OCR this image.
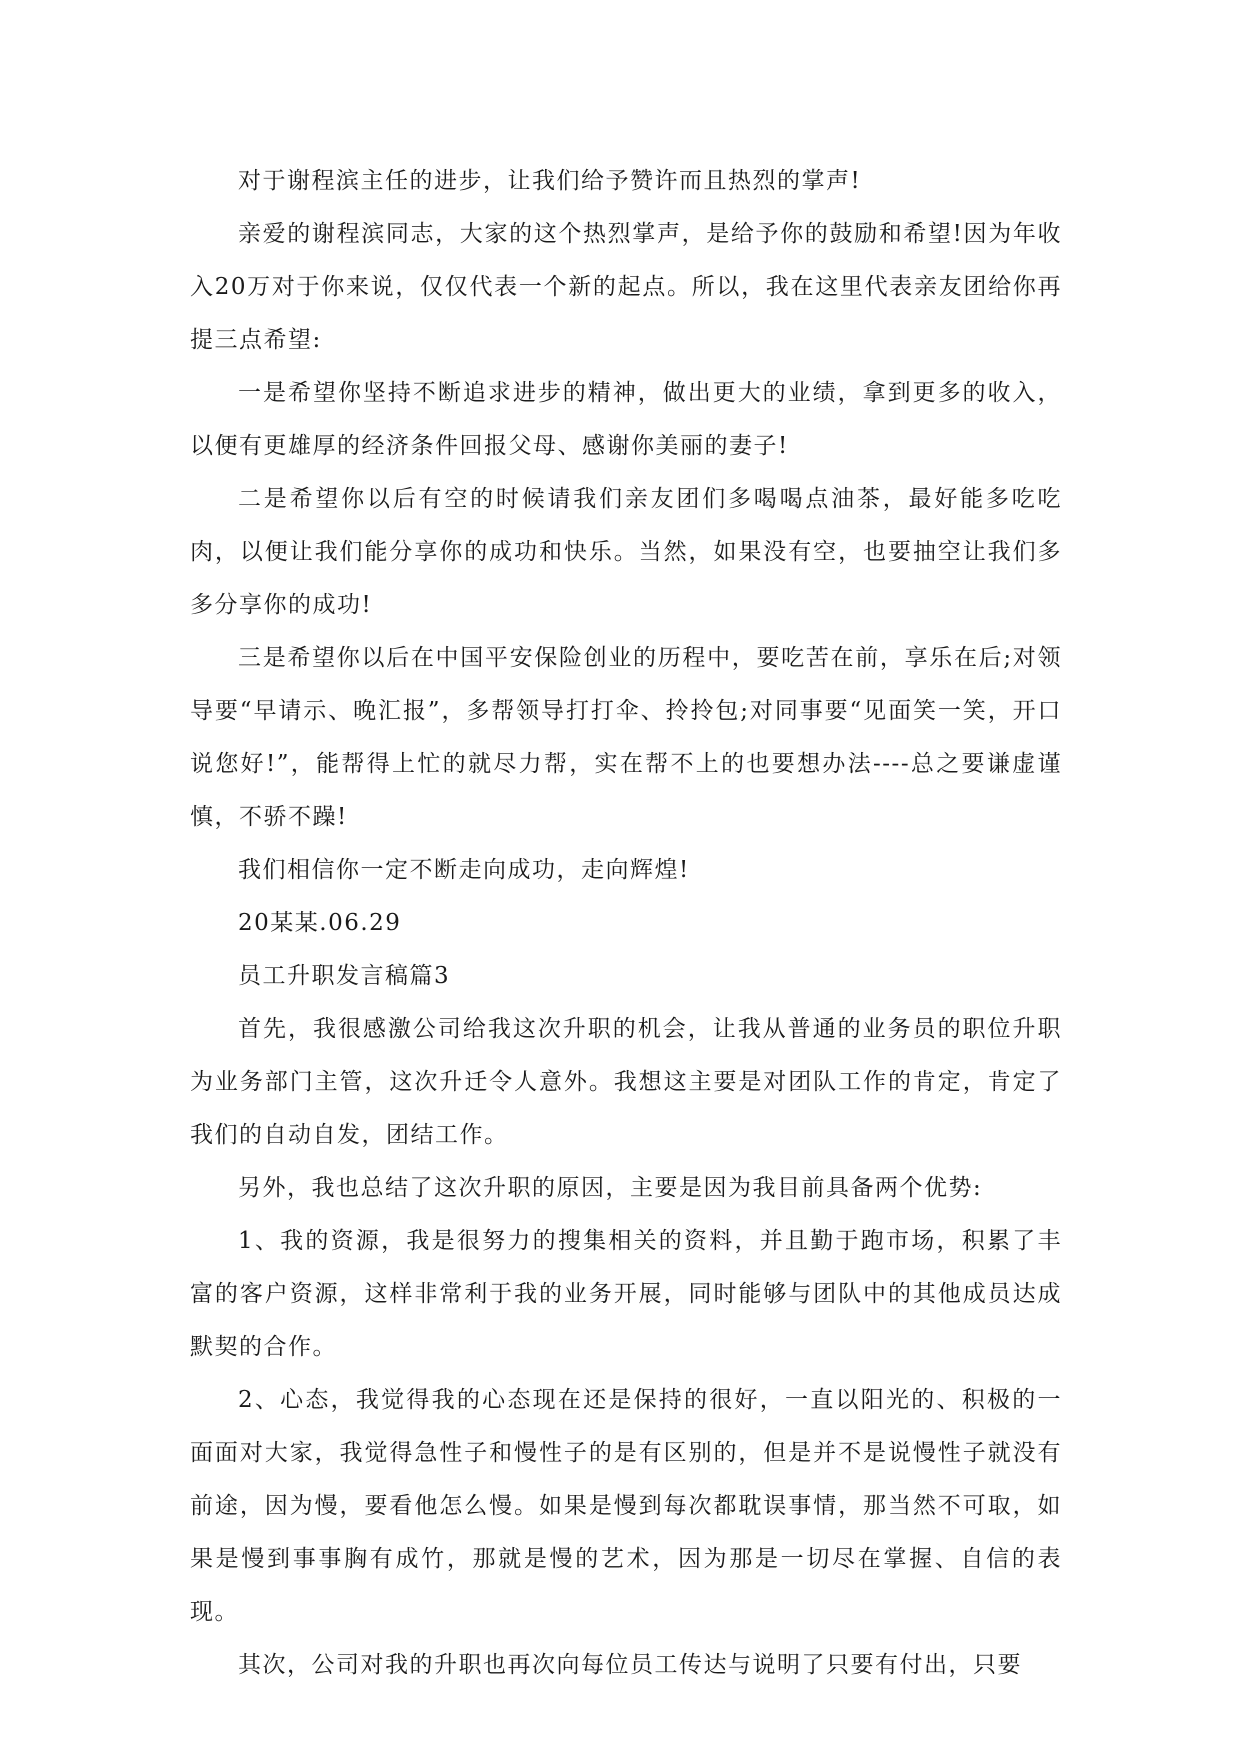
对于谢程滨主任的进步，让我们给予赞许而且热烈的掌声!

亲爱的谢程滨同志，大家的这个热烈掌声，是给予你的鼓励和希望!因为年收入20万对于你来说，仅仅代表一个新的起点。所以，我在这里代表亲友团给你再提三点希望:

一是希望你坚持不断追求进步的精神，做出更大的业绩，拿到更多的收入，以便有更雄厚的经济条件回报父母、感谢你美丽的妻子!

二是希望你以后有空的时候请我们亲友团们多喝喝点油茶，最好能多吃吃肉，以便让我们能分享你的成功和快乐。当然，如果没有空，也要抽空让我们多多分享你的成功!

三是希望你以后在中国平安保险创业的历程中，要吃苦在前，享乐在后;对领导要“早请示、晚汇报”，多帮领导打打伞、拎拎包;对同事要“见面笑一笑，开口说您好!”，能帮得上忙的就尽力帮，实在帮不上的也要想办法----总之要谦虚谨慎，不骄不躁!

我们相信你一定不断走向成功，走向辉煌!

20某某.06.29

员工升职发言稿篇3

首先，我很感激公司给我这次升职的机会，让我从普通的业务员的职位升职为业务部门主管，这次升迁令人意外。我想这主要是对团队工作的肯定，肯定了我们的自动自发，团结工作。

另外，我也总结了这次升职的原因，主要是因为我目前具备两个优势:

1、我的资源，我是很努力的搜集相关的资料，并且勤于跑市场，积累了丰富的客户资源，这样非常利于我的业务开展，同时能够与团队中的其他成员达成默契的合作。

2、心态，我觉得我的心态现在还是保持的很好，一直以阳光的、积极的一面面对大家，我觉得急性子和慢性子的是有区别的，但是并不是说慢性子就没有前途，因为慢，要看他怎么慢。如果是慢到每次都耽误事情，那当然不可取，如果是慢到事事胸有成竹，那就是慢的艺术，因为那是一切尽在掌握、自信的表现。

其次，公司对我的升职也再次向每位员工传达与说明了只要有付出，只要
